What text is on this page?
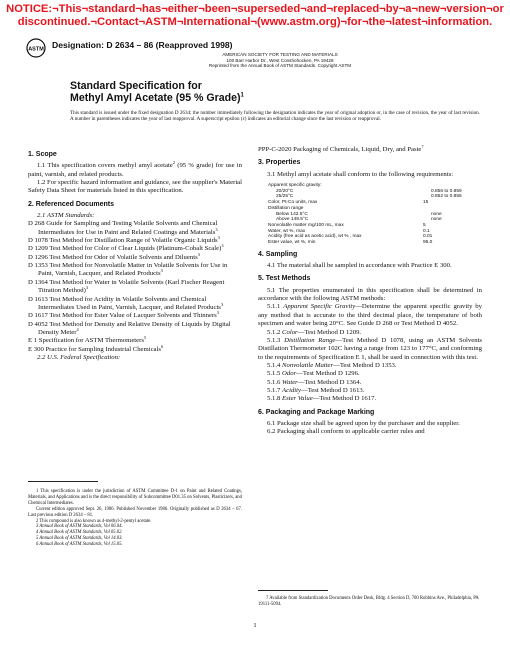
NOTICE:¬This¬standard¬has¬either¬been¬superseded¬and¬replaced¬by¬a¬new¬version¬or discontinued.¬Contact¬ASTM¬International¬(www.astm.org)¬for¬the¬latest¬information.
ASTM Designation: D 2634 – 86 (Reapproved 1998)
AMERICAN SOCIETY FOR TESTING AND MATERIALS
100 Barr Harbor Dr., West Conshohocken, PA 19428
Reprinted from the Annual Book of ASTM Standards. Copyright ASTM
Standard Specification for
Methyl Amyl Acetate (95 % Grade)$^1$
This standard is issued under the fixed designation D 2634; the number immediately following the designation indicates the year of original adoption or, in the case of revision, the year of last revision. A number in parentheses indicates the year of last reapproval. A superscript epsilon (ε) indicates an editorial change since the last revision or reapproval.
1. Scope

1.1 This specification covers methyl amyl acetate$^2$ (95 % grade) for use in paint, varnish, and related products.

1.2 For specific hazard information and guidance, see the supplier's Material Safety Data Sheet for materials listed in this specification.

2. Referenced Documents

2.1 ASTM Standards:

D 268 Guide for Sampling and Testing Volatile Solvents and Chemical Intermediates for Use in Paint and Related Coatings and Materials$^3$

D 1078 Test Method for Distillation Range of Volatile Organic Liquids$^3$

D 1209 Test Method for Color of Clear Liquids (Platinum-Cobalt Scale)$^3$

D 1296 Test Method for Odor of Volatile Solvents and Diluents$^3$

D 1353 Test Method for Nonvolatile Matter in Volatile Solvents for Use in Paint, Varnish, Lacquer, and Related Products$^3$

D 1364 Test Method for Water in Volatile Solvents (Karl Fischer Reagent Titration Method)$^3$

D 1613 Test Method for Acidity in Volatile Solvents and Chemical Intermediates Used in Paint, Varnish, Lacquer, and Related Products$^3$

D 1617 Test Method for Ester Value of Lacquer Solvents and Thinners$^3$

D 4052 Test Method for Density and Relative Density of Liquids by Digital Density Meter$^4$

E 1 Specification for ASTM Thermometers$^5$

E 300 Practice for Sampling Industrial Chemicals$^6$

2.2 U.S. Federal Specification:

1 This specification is under the jurisdiction of ASTM Committee D-1 on Paint and Related Coatings, Materials, and Applications and is the direct responsibility of Subcommittee D01.35 on Solvents, Plasticizers, and Chemical Intermediates.

Current edition approved Sept. 26, 1986. Published November 1986. Originally published as D 2634 – 67. Last previous edition D 2634 – 81.

2 This compound is also known as 4-methyl-2-pentyl acetate.

3 Annual Book of ASTM Standards, Vol 06.04.

4 Annual Book of ASTM Standards, Vol 05.02.

5 Annual Book of ASTM Standards, Vol 14.03.

6 Annual Book of ASTM Standards, Vol 15.05.

PPP-C-2020 Packaging of Chemicals, Liquid, Dry, and Paste$^7$

3. Properties

3.1 Methyl amyl acetate shall conform to the following requirements:

Apparent specific gravity:
20/20°C	0.856 to 0.859
25/25°C	0.852 to 0.855
Color, Pt-Co units, max	15
Distillation range
Below 142.5°C	none
Above 149.5°C	none
Nonvolatile matter mg/100 mL, max	5
Water, wt %, max	0.1
Acidity (free acid as acetic acid), wt % , max	0.01
Ester value, wt %, min	95.0
4. Sampling

4.1 The material shall be sampled in accordance with Practice E 300.

5. Test Methods

5.1 The properties enumerated in this specification shall be determined in accordance with the following ASTM methods:

5.1.1 Apparent Specific Gravity—Determine the apparent specific gravity by any method that is accurate to the third decimal place, the temperature of both specimen and water being 20°C. See Guide D 268 or Test Method D 4052.

5.1.2 Color—Test Method D 1209.

5.1.3 Distillation Range—Test Method D 1078, using an ASTM Solvents Distillation Thermometer 102C having a range from 123 to 177°C, and conforming to the requirements of Specification E 1, shall be used in connection with this test.

5.1.4 Nonvolatile Matter—Test Method D 1353.

5.1.5 Odor—Test Method D 1296.

5.1.6 Water—Test Method D 1364.

5.1.7 Acidity—Test Method D 1613.

5.1.8 Ester Value—Test Method D 1617.

6. Packaging and Package Marking

6.1 Package size shall be agreed upon by the purchaser and the supplier.

6.2 Packaging shall conform to applicable carrier rules and

7 Available from Standardization Documents Order Desk, Bldg. 4 Section D, 700 Robbins Ave., Philadelphia, PA 19111-5094.

1
